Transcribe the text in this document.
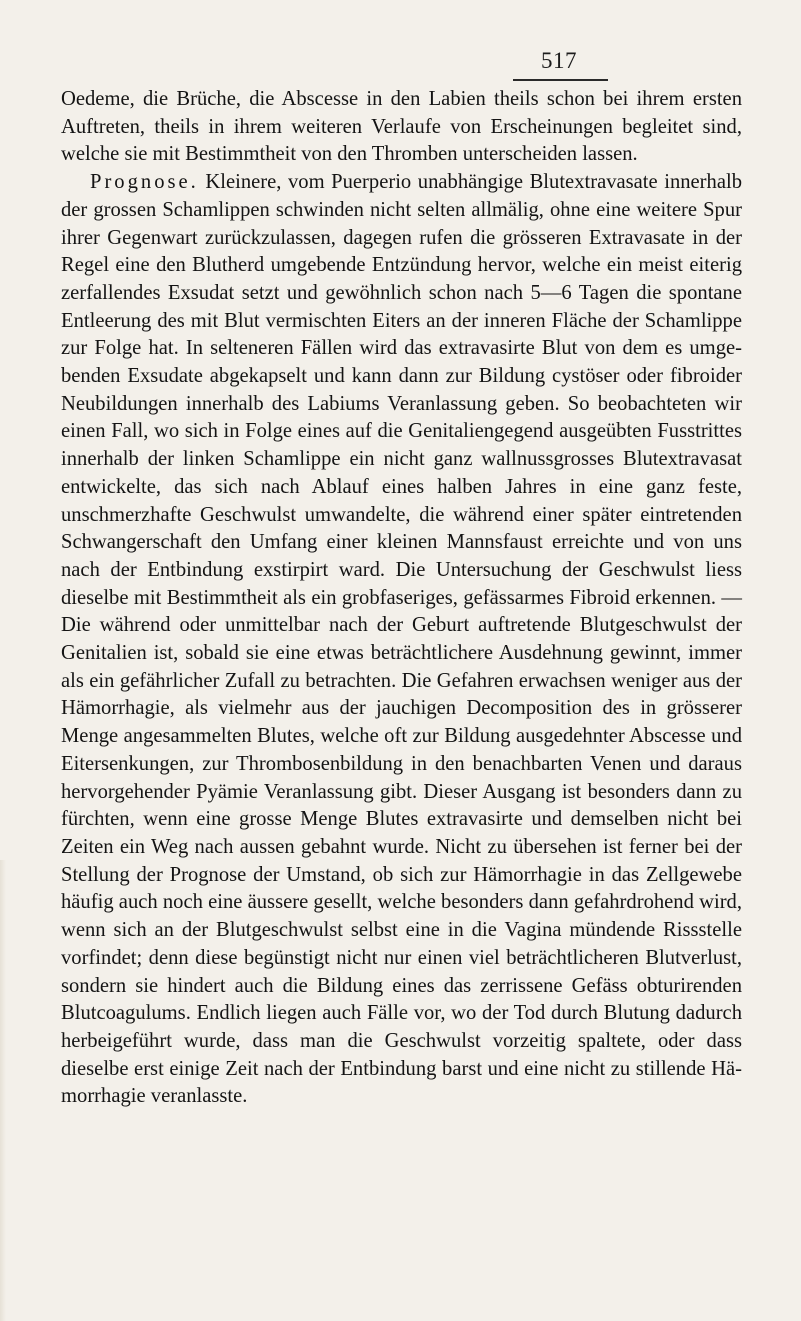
517

Oedeme, die Brüche, die Abscesse in den Labien theils schon bei ihrem ersten Auftreten, theils in ihrem weiteren Verlaufe von Erscheinungen begleitet sind, welche sie mit Bestimmtheit von den Thromben unterscheiden lassen.

Prognose. Kleinere, vom Puerperio unabhängige Blutextravasate innerhalb der grossen Schamlippen schwinden nicht selten allmälig, ohne eine weitere Spur ihrer Gegenwart zurückzulassen, dagegen rufen die grösseren Extravasate in der Regel eine den Blutherd umgebende Entzündung hervor, welche ein meist eiterig zerfallendes Exsudat setzt und gewöhnlich schon nach 5—6 Tagen die spontane Entleerung des mit Blut vermischten Eiters an der inneren Fläche der Schamlippe zur Folge hat. In selteneren Fällen wird das extravasirte Blut von dem es umgebenden Exsudate abgekapselt und kann dann zur Bildung cystöser oder fibroider Neubildungen innerhalb des Labiums Veranlassung geben. So beobachteten wir einen Fall, wo sich in Folge eines auf die Genitaliengegend ausgeübten Fusstrittes innerhalb der linken Schamlippe ein nicht ganz wallnussgrosses Blutextravasat entwickelte, das sich nach Ablauf eines halben Jahres in eine ganz feste, unschmerzhafte Geschwulst umwandelte, die während einer später eintretenden Schwangerschaft den Umfang einer kleinen Mannsfaust erreichte und von uns nach der Entbindung exstirpirt ward. Die Untersuchung der Geschwulst liess dieselbe mit Bestimmtheit als ein grobfaseriges, gefässarmes Fibroid erkennen. — Die während oder unmittelbar nach der Geburt auftretende Blutgeschwulst der Genitalien ist, sobald sie eine etwas beträchtlichere Ausdehnung gewinnt, immer als ein gefährlicher Zufall zu betrachten. Die Gefahren erwachsen weniger aus der Hämorrhagie, als vielmehr aus der jauchigen Decomposition des in grösserer Menge angesammelten Blutes, welche oft zur Bildung ausgedehnter Abscesse und Eitersenkungen, zur Thrombosenbildung in den benachbarten Venen und daraus hervorgehender Pyämie Veranlassung gibt. Dieser Ausgang ist besonders dann zu fürchten, wenn eine grosse Menge Blutes extravasirte und demselben nicht bei Zeiten ein Weg nach aussen gebahnt wurde. Nicht zu übersehen ist ferner bei der Stellung der Prognose der Umstand, ob sich zur Hämorrhagie in das Zellgewebe häufig auch noch eine äussere gesellt, welche besonders dann gefahrdrohend wird, wenn sich an der Blutgeschwulst selbst eine in die Vagina mündende Rissstelle vorfindet; denn diese begünstigt nicht nur einen viel beträchtlicheren Blutverlust, sondern sie hindert auch die Bildung eines das zerrissene Gefäss obturirenden Blutcoagulums. Endlich liegen auch Fälle vor, wo der Tod durch Blutung dadurch herbeigeführt wurde, dass man die Geschwulst vorzeitig spaltete, oder dass dieselbe erst einige Zeit nach der Entbindung barst und eine nicht zu stillende Hämorrhagie veranlasste.
